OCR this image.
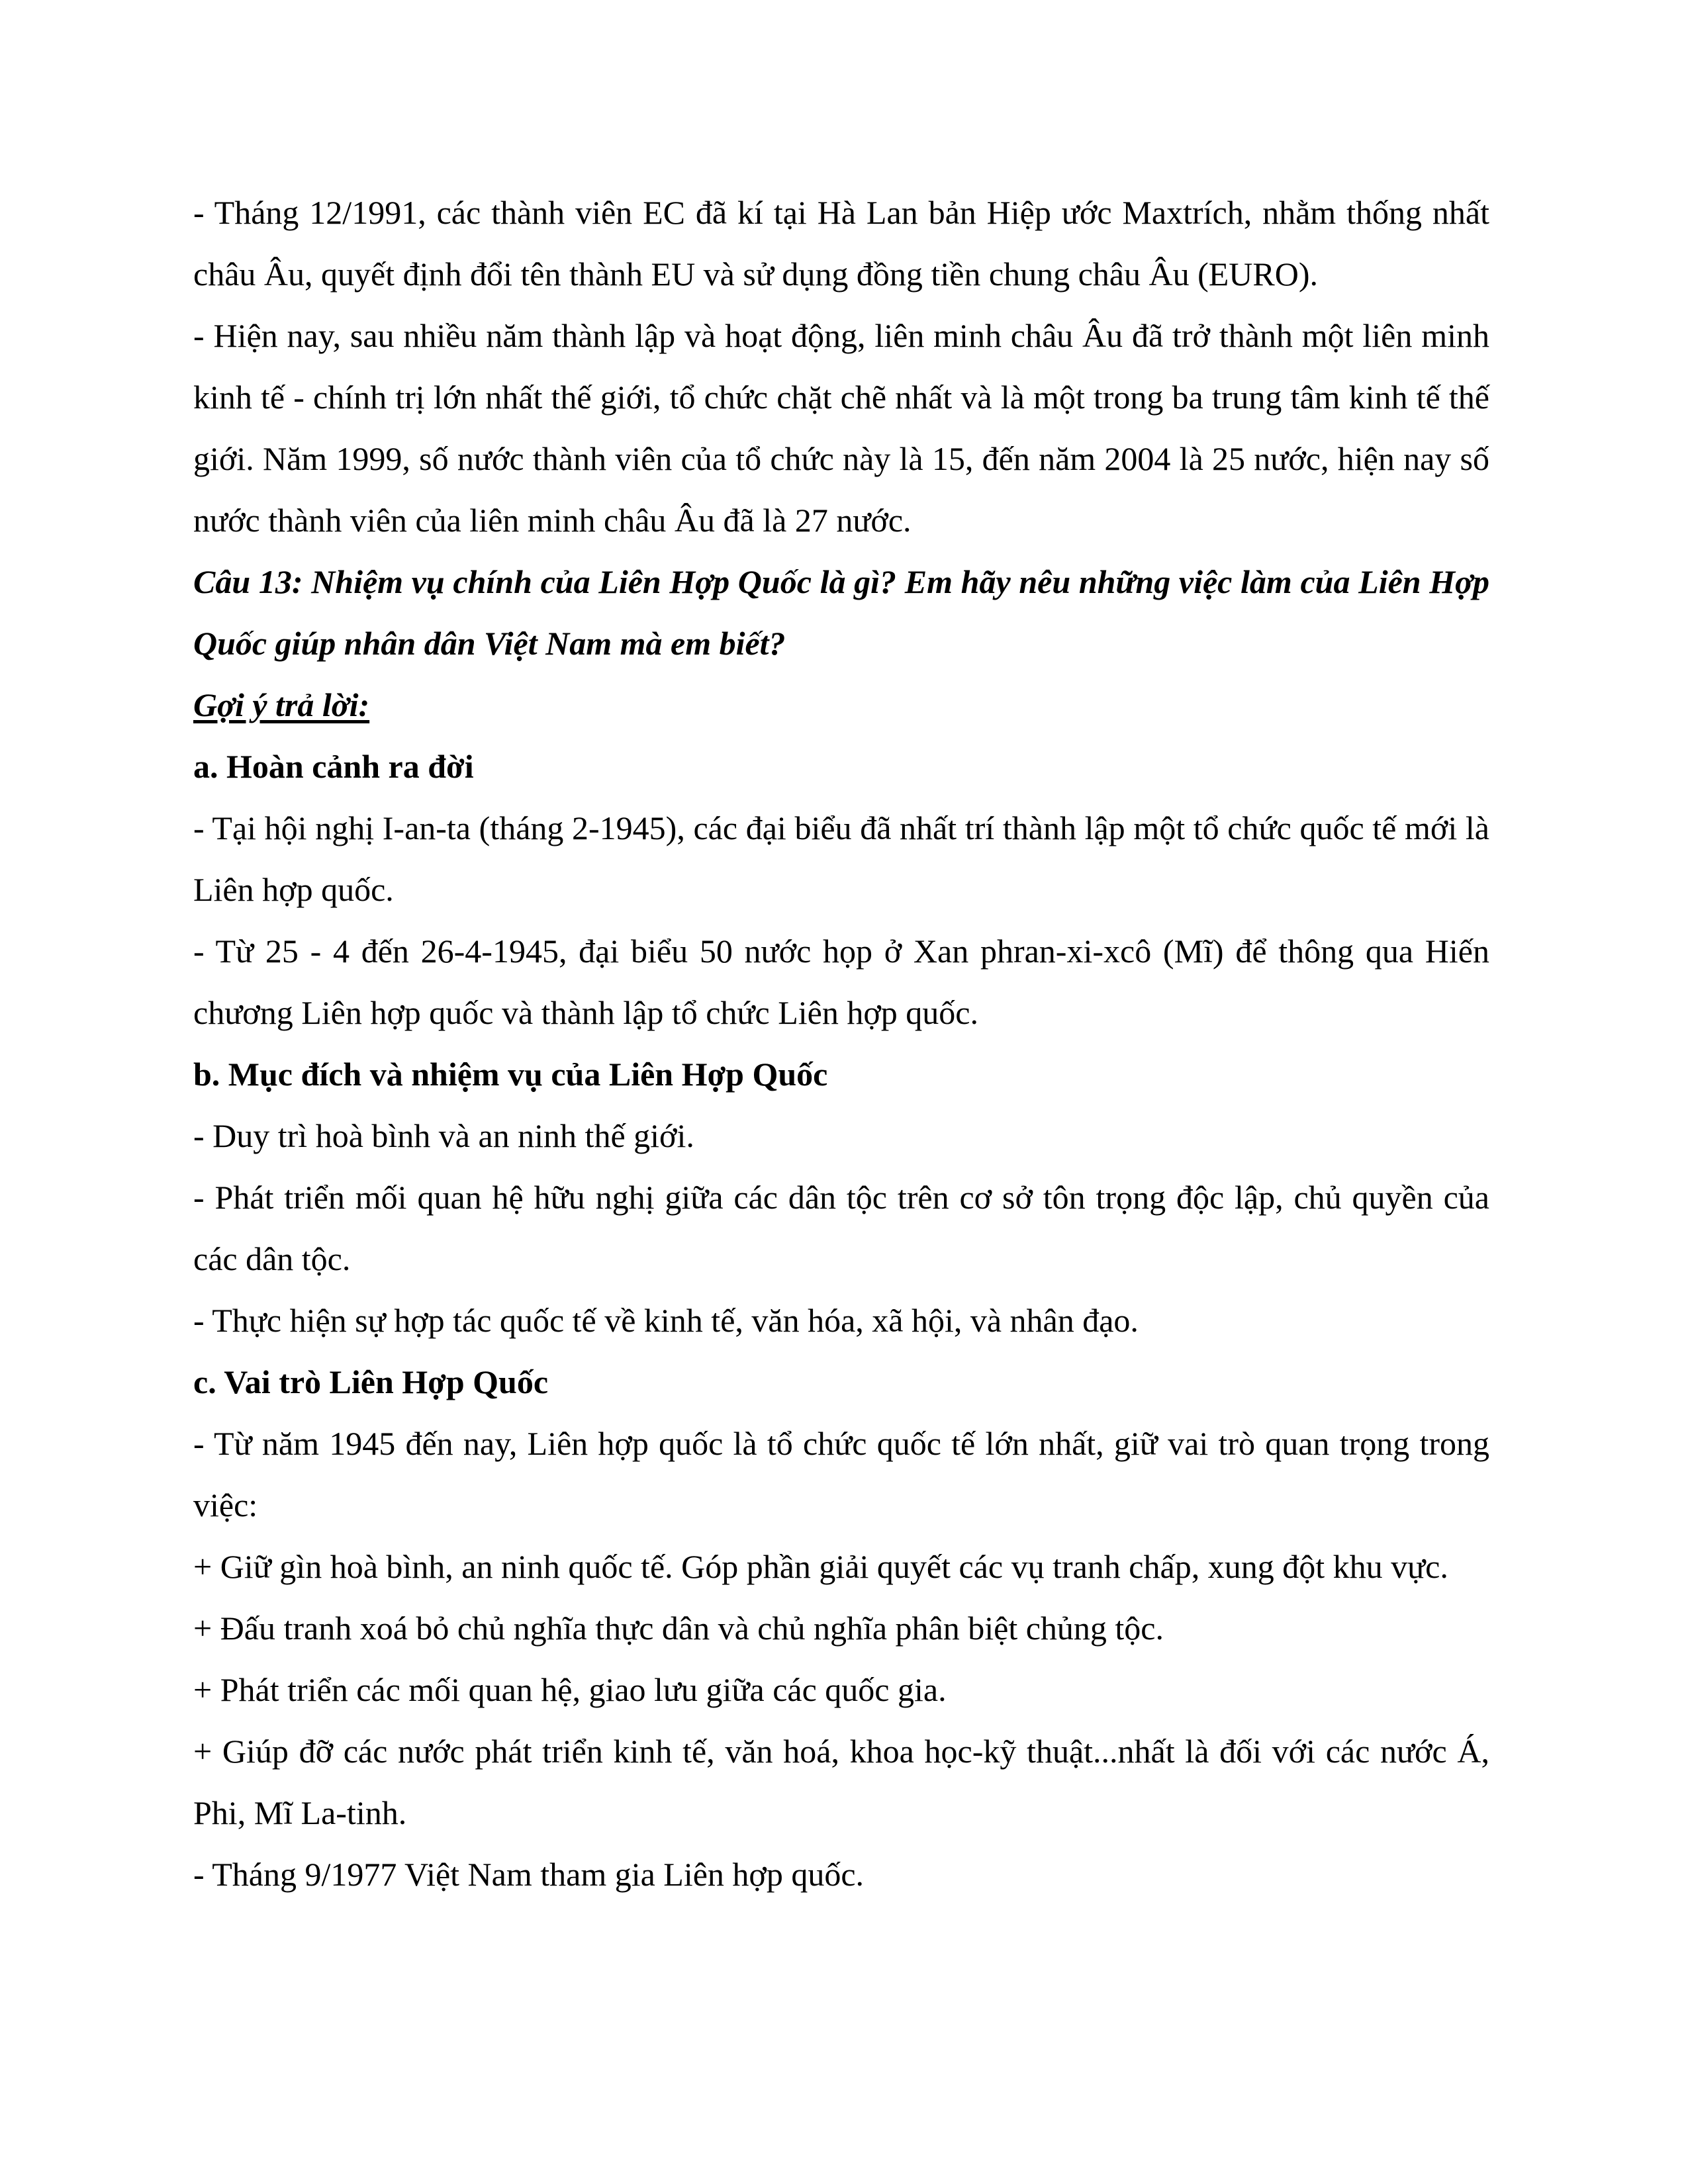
- Tháng 12/1991, các thành viên EC đã kí tại Hà Lan bản Hiệp ước Maxtrích, nhằm thống nhất châu Âu, quyết định đổi tên thành EU và sử dụng đồng tiền chung châu Âu (EURO).

- Hiện nay, sau nhiều năm thành lập và hoạt động, liên minh châu Âu đã trở thành một liên minh kinh tế - chính trị lớn nhất thế giới, tổ chức chặt chẽ nhất và là một trong ba trung tâm kinh tế thế giới. Năm 1999, số nước thành viên của tổ chức này là 15, đến năm 2004 là 25 nước, hiện nay số nước thành viên của liên minh châu Âu đã là 27 nước.

Câu 13: Nhiệm vụ chính của Liên Hợp Quốc là gì? Em hãy nêu những việc làm của Liên Hợp Quốc giúp nhân dân Việt Nam mà em biết?

Gợi ý trả lời:

a. Hoàn cảnh ra đời

- Tại hội nghị I-an-ta (tháng 2-1945), các đại biểu đã nhất trí thành lập một tổ chức quốc tế mới là Liên hợp quốc.

- Từ 25 - 4 đến 26-4-1945, đại biểu 50 nước họp ở Xan phran-xi-xcô (Mĩ) để thông qua Hiến chương Liên hợp quốc và thành lập tổ chức Liên hợp quốc.

b. Mục đích và nhiệm vụ của Liên Hợp Quốc

- Duy trì hoà bình và an ninh thế giới.

- Phát triển mối quan hệ hữu nghị giữa các dân tộc trên cơ sở tôn trọng độc lập, chủ quyền của các dân tộc.

- Thực hiện sự hợp tác quốc tế về kinh tế, văn hóa, xã hội, và nhân đạo.

c. Vai trò Liên Hợp Quốc

- Từ năm 1945 đến nay, Liên hợp quốc là tổ chức quốc tế lớn nhất, giữ vai trò quan trọng trong việc:

+ Giữ gìn hoà bình, an ninh quốc tế. Góp phần giải quyết các vụ tranh chấp, xung đột khu vực.

+ Đấu tranh xoá bỏ chủ nghĩa thực dân và chủ nghĩa phân biệt chủng tộc.

+ Phát triển các mối quan hệ, giao lưu giữa các quốc gia.

+ Giúp đỡ các nước phát triển kinh tế, văn hoá, khoa học-kỹ thuật...nhất là đối với các nước Á, Phi, Mĩ La-tinh.

- Tháng 9/1977 Việt Nam tham gia Liên hợp quốc.
